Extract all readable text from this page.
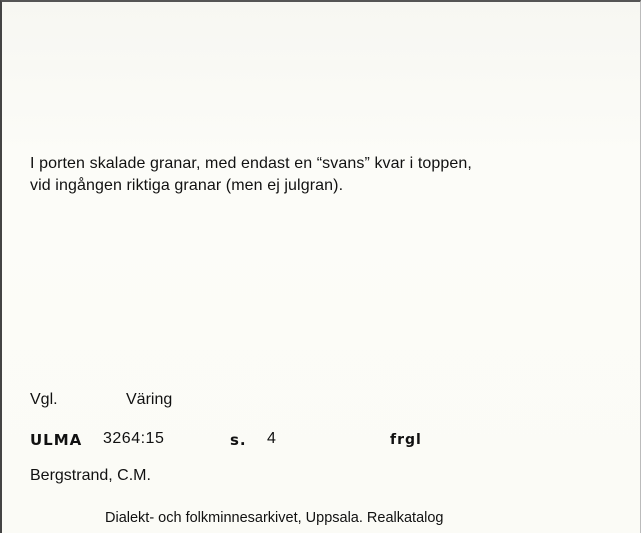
I porten skalade granar, med endast en “svans” kvar i toppen,
vid ingången riktiga granar (men ej julgran).
Vgl.	Väring
ULMA 3264:15	s. 4	frgl
Bergstrand, C.M.
Dialekt- och folkminnesarkivet, Uppsala. Realkatalog
